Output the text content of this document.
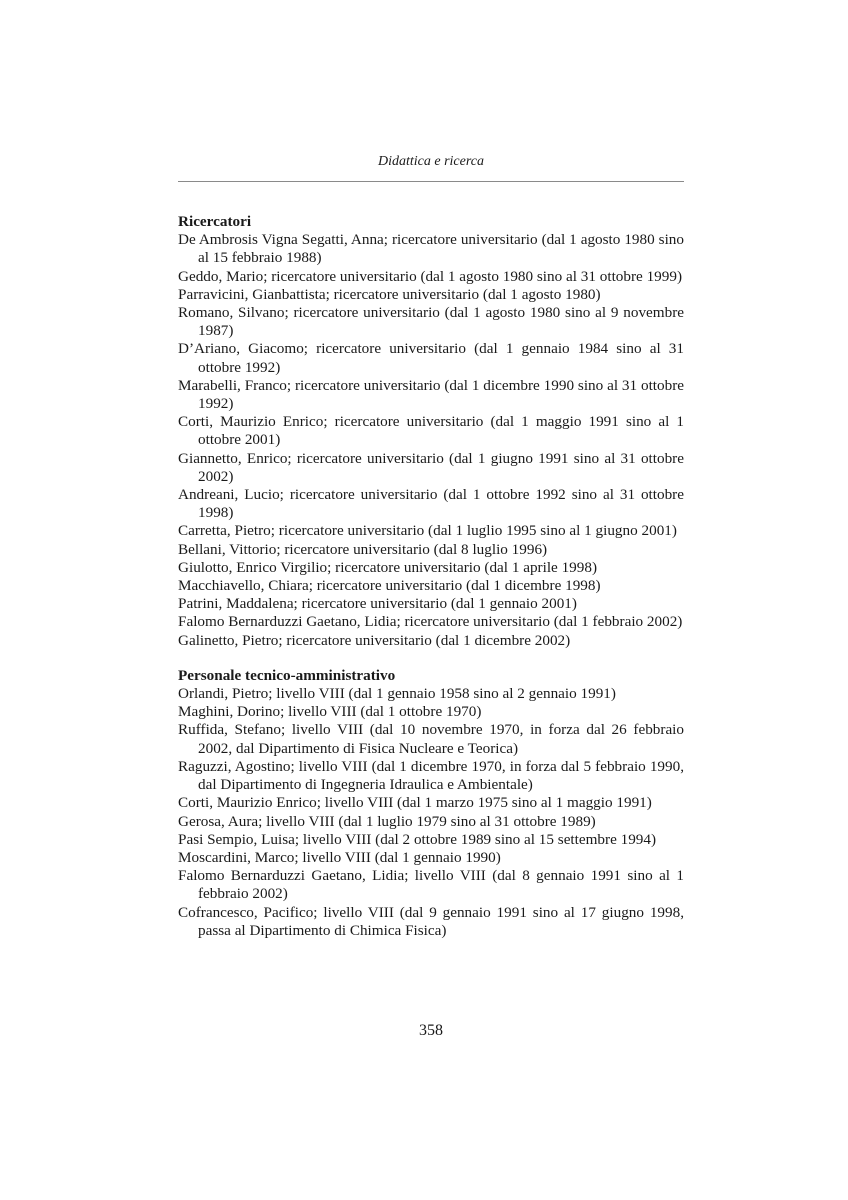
Didattica e ricerca

Ricercatori

De Ambrosis Vigna Segatti, Anna; ricercatore universitario (dal 1 agosto 1980 sino al 15 febbraio 1988)

Geddo, Mario; ricercatore universitario (dal 1 agosto 1980 sino al 31 ottobre 1999)

Parravicini, Gianbattista; ricercatore universitario (dal 1 agosto 1980)

Romano, Silvano; ricercatore universitario (dal 1 agosto 1980 sino al 9 novembre 1987)

D’Ariano, Giacomo; ricercatore universitario (dal 1 gennaio 1984 sino al 31 ottobre 1992)

Marabelli, Franco; ricercatore universitario (dal 1 dicembre 1990 sino al 31 ottobre 1992)

Corti, Maurizio Enrico; ricercatore universitario (dal 1 maggio 1991 sino al 1 ottobre 2001)

Giannetto, Enrico; ricercatore universitario (dal 1 giugno 1991 sino al 31 ottobre 2002)

Andreani, Lucio; ricercatore universitario (dal 1 ottobre 1992 sino al 31 ottobre 1998)

Carretta, Pietro; ricercatore universitario (dal 1 luglio 1995 sino al 1 giugno 2001)

Bellani, Vittorio; ricercatore universitario (dal 8 luglio 1996)

Giulotto, Enrico Virgilio; ricercatore universitario (dal 1 aprile 1998)

Macchiavello, Chiara; ricercatore universitario (dal 1 dicembre 1998)

Patrini, Maddalena; ricercatore universitario (dal 1 gennaio 2001)

Falomo Bernarduzzi Gaetano, Lidia; ricercatore universitario (dal 1 febbraio 2002)

Galinetto, Pietro; ricercatore universitario (dal 1 dicembre 2002)

Personale tecnico-amministrativo

Orlandi, Pietro; livello VIII (dal 1 gennaio 1958 sino al 2 gennaio 1991)

Maghini, Dorino; livello VIII (dal 1 ottobre 1970)

Ruffida, Stefano; livello VIII (dal 10 novembre 1970, in forza dal 26 febbraio 2002, dal Dipartimento di Fisica Nucleare e Teorica)

Raguzzi, Agostino; livello VIII (dal 1 dicembre 1970, in forza dal 5 febbraio 1990, dal Dipartimento di Ingegneria Idraulica e Ambientale)

Corti, Maurizio Enrico; livello VIII (dal 1 marzo 1975 sino al 1 maggio 1991)

Gerosa, Aura; livello VIII (dal 1 luglio 1979 sino al 31 ottobre 1989)

Pasi Sempio, Luisa; livello VIII (dal 2 ottobre 1989 sino al 15 settembre 1994)

Moscardini, Marco; livello VIII (dal 1 gennaio 1990)

Falomo Bernarduzzi Gaetano, Lidia; livello VIII (dal 8 gennaio 1991 sino al 1 febbraio 2002)

Cofrancesco, Pacifico; livello VIII (dal 9 gennaio 1991 sino al 17 giugno 1998, passa al Dipartimento di Chimica Fisica)

358
